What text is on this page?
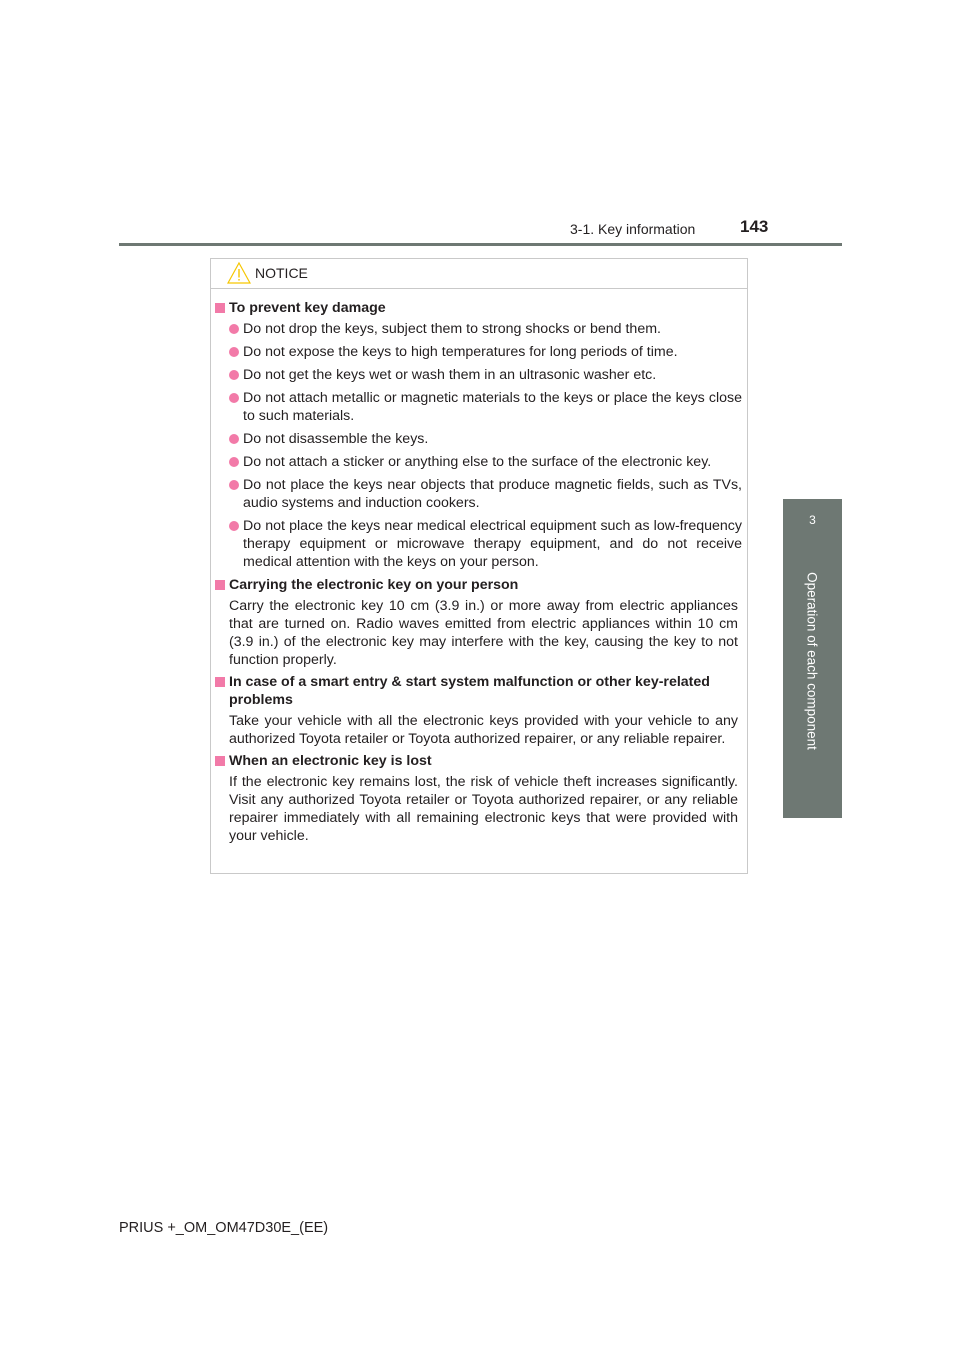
3-1. Key information	143
3
Operation of each component
NOTICE
To prevent key damage
Do not drop the keys, subject them to strong shocks or bend them.
Do not expose the keys to high temperatures for long periods of time.
Do not get the keys wet or wash them in an ultrasonic washer etc.
Do not attach metallic or magnetic materials to the keys or place the keys close to such materials.
Do not disassemble the keys.
Do not attach a sticker or anything else to the surface of the electronic key.
Do not place the keys near objects that produce magnetic fields, such as TVs, audio systems and induction cookers.
Do not place the keys near medical electrical equipment such as low-frequency therapy equipment or microwave therapy equipment, and do not receive medical attention with the keys on your person.
Carrying the electronic key on your person
Carry the electronic key 10 cm (3.9 in.) or more away from electric appliances that are turned on. Radio waves emitted from electric appliances within 10 cm (3.9 in.) of the electronic key may interfere with the key, causing the key to not function properly.
In case of a smart entry & start system malfunction or other key-related problems
Take your vehicle with all the electronic keys provided with your vehicle to any authorized Toyota retailer or Toyota authorized repairer, or any reliable repairer.
When an electronic key is lost
If the electronic key remains lost, the risk of vehicle theft increases significantly. Visit any authorized Toyota retailer or Toyota authorized repairer, or any reliable repairer immediately with all remaining electronic keys that were provided with your vehicle.
PRIUS +_OM_OM47D30E_(EE)
